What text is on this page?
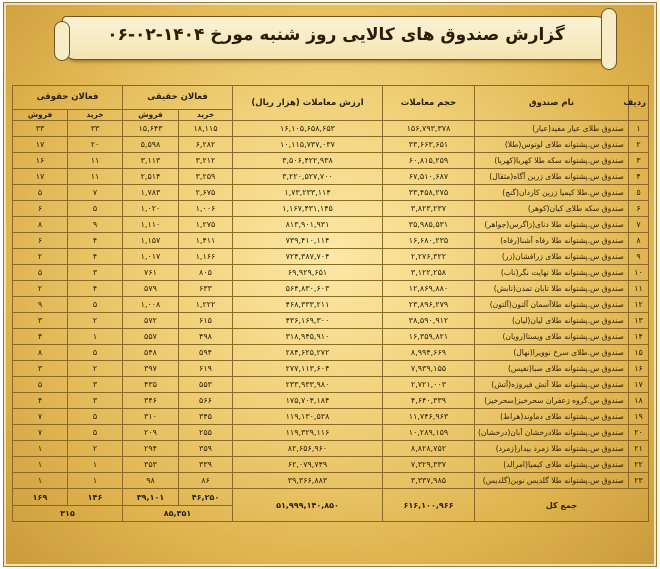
گزارش صندوق های کالایی روز شنبه مورخ ۱۴۰۴-۰۲-۰۶
ردیف	نام صندوق	حجم معاملات	ارزش معاملات (هزار ریال)	فعالان حقیقی		فعالان حقوقی	
				خرید	فروش	خرید	فروش
۱	صندوق طلای عیار مفید(عیار)	۱۵۶,۷۹۳,۳۷۸	۱۶,۱۰۵,۶۵۸,۶۵۳	۱۸,۱۱۵	۱۵,۶۴۳	۳۳	۳۳
۲	صندوق س.پشتوانه طلای لوتوس(طلا)	۳۳,۶۶۳,۶۵۱	۱۰,۱۱۵,۷۳۷,۰۳۷	۶,۲۸۲	۵,۵۹۸	۲۰	۱۷
۳	صندوق س.پشتوانه سکه طلا کهربا(کهربا)	۶۰,۸۱۵,۲۵۹	۳,۵۰۶,۴۲۲,۹۳۸	۳,۲۱۲	۳,۱۱۳	۱۱	۱۶
۴	صندوق س.پشتوانه طلای زرین آگاه(مثقال)	۶۷,۵۱۰,۶۸۷	۳,۲۲۰,۵۲۷,۷۰۰	۳,۲۵۹	۲,۵۱۴	۱۱	۱۷
۵	صندوق س.طلا کیمیا زرین کاردان(گنج)	۳۳,۴۵۸,۲۷۵	۱,۷۳,۲۳۳,۱۱۴	۲,۶۷۵	۱,۷۸۳	۷	۵
۶	صندوق سکه طلای کیان(کوهر)	۳,۸۲۳,۲۳۷	۱,۱۶۷,۴۳۱,۱۴۵	۱,۰۰۶	۱,۰۲۰	۵	۶
۷	صندوق س.پشتوانه طلا دنای(زاگرس(جواهر)	۳۵,۹۸۵,۵۳۱	۸۱۳,۹۰۱,۹۳۱	۱,۲۷۵	۱,۱۱۰	۹	۸
۸	صندوق س.پشتوانه طلا رفاه آشنا(رفاه)	۱۶,۶۸۰,۲۳۵	۷۳۹,۴۱۰,۱۱۴	۱,۴۱۱	۱,۱۵۷	۴	۶
۹	صندوق س.پشتوانه طلای زرافشان(زر)	۲,۲۷۶,۳۲۲	۷۲۴,۳۸۷,۷۰۴	۱,۱۶۶	۱,۰۱۷	۴	۲
۱۰	صندوق س.پشتوانه طلا نهایت نگر(ناب)	۳,۱۲۲,۲۵۸	۶۹,۹۲۹,۶۵۱	۸۰۵	۷۶۱	۳	۵
۱۱	صندوق س.پشتوانه طلا تابان تمدن(تابش)	۱۲,۸۶۹,۸۸۰	۵۶۴,۸۳۰,۶۰۳	۶۳۳	۵۷۹	۴	۲
۱۲	صندوق س.پشتوانه طلاآسمان آلتون(آلتون)	۲۳,۸۹۶,۲۷۹	۴۶۸,۳۳۳,۲۱۱	۱,۲۲۲	۱,۰۰۸	۵	۹
۱۳	صندوق س.پشتوانه طلای لیان(لیان)	۳۸,۵۹۰,۹۱۲	۴۳۶,۱۶۹,۳۰۰	۶۱۵	۵۷۲	۲	۳
۱۴	صندوق س.پشتوانه طلای ویستا(رویان)	۱۶,۳۵۹,۸۲۱	۳۱۸,۹۴۵,۹۱۰	۴۹۸	۵۵۷	۱	۴
۱۵	صندوق س.طلای سرخ نوویرا(نهال)	۸,۹۹۴,۶۶۹	۲۸۴,۶۲۵,۲۷۲	۵۹۴	۵۴۸	۵	۸
۱۶	صندوق س.پشتوانه طلای صبا(نفیس)	۷,۹۳۹,۱۵۵	۲۷۷,۱۱۳,۶۰۴	۶۱۹	۳۹۷	۲	۳
۱۷	صندوق س.پشتوانه طلا آتش فیروزه(آتش)	۲,۷۲۱,۰۰۳	۲۳۳,۹۳۳,۹۸۰	۵۵۳	۴۳۵	۳	۵
۱۸	صندوق س.گروه زعفران سحرخیز(سحرخیز)	۴,۶۴۰,۳۳۹	۱۷۵,۷۰۴,۱۸۴	۵۶۶	۳۴۶	۳	۴
۱۹	صندوق س.پشتوانه طلای دماوند(هراط)	۱۱,۷۴۶,۹۶۳	۱۱۹,۱۳۰,۵۳۸	۳۴۵	۳۱۰	۵	۷
۲۰	صندوق س.پشتوانه طلادرخشان آبان(درخشان)	۱۰,۲۸۹,۱۵۹	۱۱۹,۳۲۹,۱۱۶	۲۵۵	۲۰۹	۵	۷
۲۱	صندوق س.پشتوانه طلا زمرد بیدار(زمرد)	۸,۸۲۸,۷۵۲	۸۲,۶۵۶,۹۶۰	۳۵۹	۲۹۴	۲	۱
۲۲	صندوق س.پشتوانه طلای کیمیا(امرالد)	۷,۳۲۹,۳۳۷	۶۲,۰۷۹,۷۴۹	۳۳۹	۳۵۳	۱	۱
۲۳	صندوق س.پشتوانه طلا گلدیس نوین(گلدیس)	۳,۳۳۷,۹۸۵	۳۹,۳۶۶,۸۸۳	۸۶	۹۸	۱	۱
جمع کل		۶۱۶,۱۰۰,۹۶۶	۵۱,۹۹۹,۱۴۰,۸۵۰	۴۶,۲۵۰	۳۹,۱۰۱	۱۴۶	۱۶۹
				۸۵,۳۵۱		۳۱۵	
